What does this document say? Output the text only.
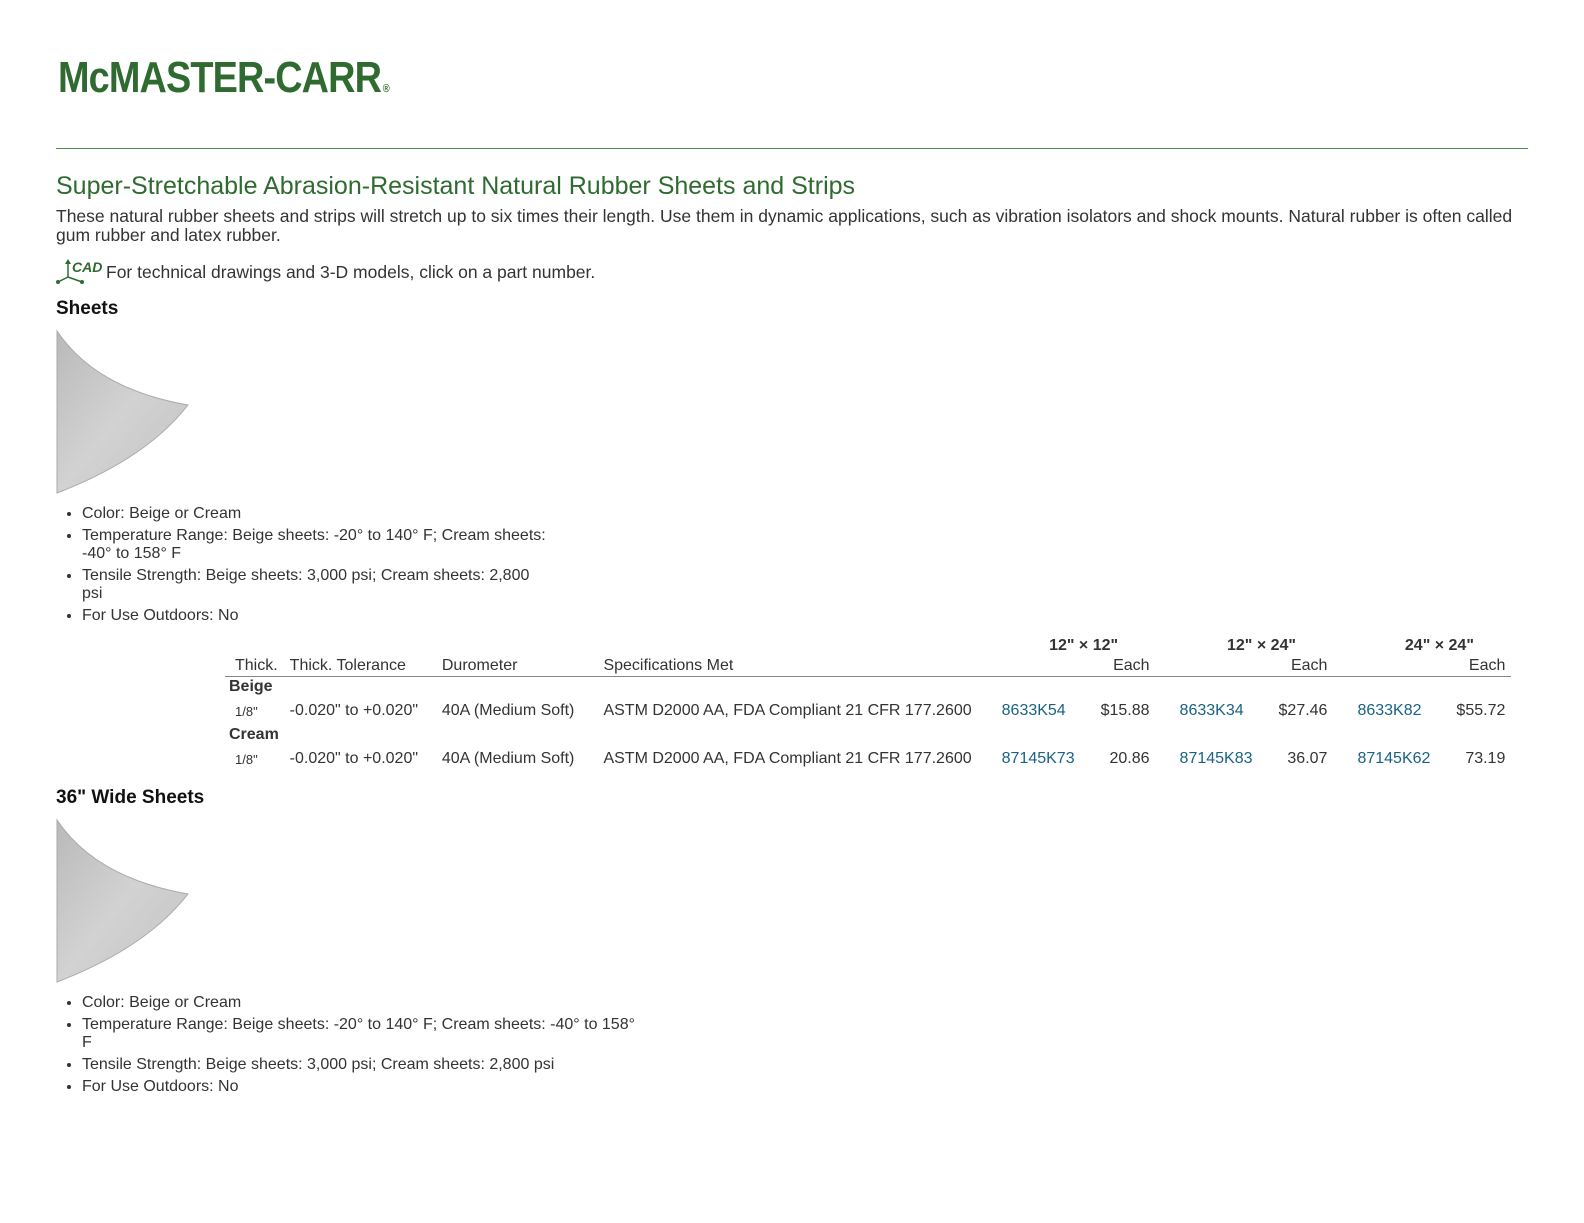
McMASTER-CARR ®
Super-Stretchable Abrasion-Resistant Natural Rubber Sheets and Strips

These natural rubber sheets and strips will stretch up to six times their length. Use them in dynamic applications, such as vibration isolators and shock mounts. Natural rubber is often called gum rubber and latex rubber.

CAD For technical drawings and 3-D models, click on a part number.
Sheets
• Color: Beige or Cream
• Temperature Range: Beige sheets: -20° to 140° F; Cream sheets: -40° to 158° F
• Tensile Strength: Beige sheets: 3,000 psi; Cream sheets: 2,800 psi
• For Use Outdoors: No
				12" × 12"		12" × 24"		24" × 24"	
Thick.	Thick. Tolerance	Durometer	Specifications Met		Each		Each		Each
Beige									
1/8"	-0.020" to +0.020"	40A (Medium Soft)	ASTM D2000 AA, FDA Compliant 21 CFR 177.2600	8633K54	$15.88	8633K34	$27.46	8633K82	$55.72
Cream									
1/8"	-0.020" to +0.020"	40A (Medium Soft)	ASTM D2000 AA, FDA Compliant 21 CFR 177.2600	87145K73	20.86	87145K83	36.07	87145K62	73.19
36" Wide Sheets
• Color: Beige or Cream
• Temperature Range: Beige sheets: -20° to 140° F; Cream sheets: -40° to 158° F
• Tensile Strength: Beige sheets: 3,000 psi; Cream sheets: 2,800 psi
• For Use Outdoors: No
